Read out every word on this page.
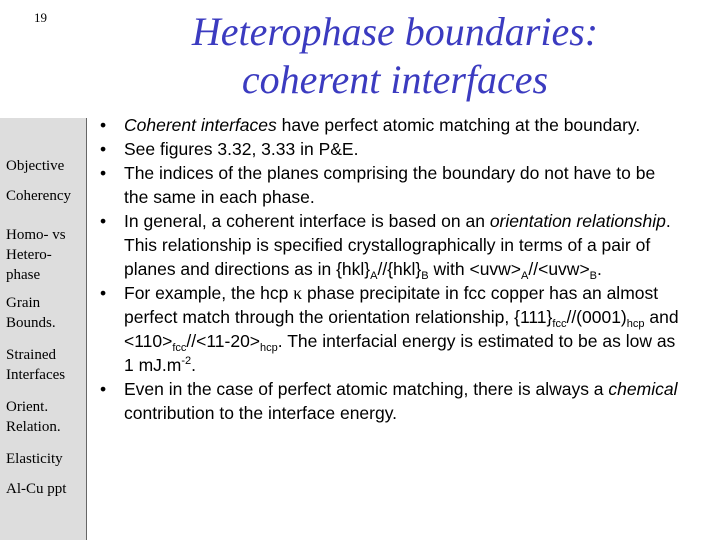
19	Heterophase boundaries:
coherent interfaces
Objective
Coherency
Homo- vs
Hetero-
phase
Grain
Bounds.
Strained
Interfaces
Orient.
Relation.
Elasticity
Al-Cu ppt
• Coherent interfaces have perfect atomic matching at the boundary.
• See figures 3.32, 3.33 in P&E.
• The indices of the planes comprising the boundary do not have to be the same in each phase.
• In general, a coherent interface is based on an orientation relationship. This relationship is specified crystallographically in terms of a pair of planes and directions as in $\{hkl\}_A//\{hkl\}_B$ with $<uvw>_A//<uvw>_B$.
• For example, the hcp κ phase precipitate in fcc copper has an almost perfect match through the orientation relationship, $\{111\}_{fcc}//(0001)_{hcp}$ and $<110>_{fcc}//<11-20>_{hcp}$. The interfacial energy is estimated to be as low as 1 $mJ.m^{-2}$.
• Even in the case of perfect atomic matching, there is always a chemical contribution to the interface energy.
